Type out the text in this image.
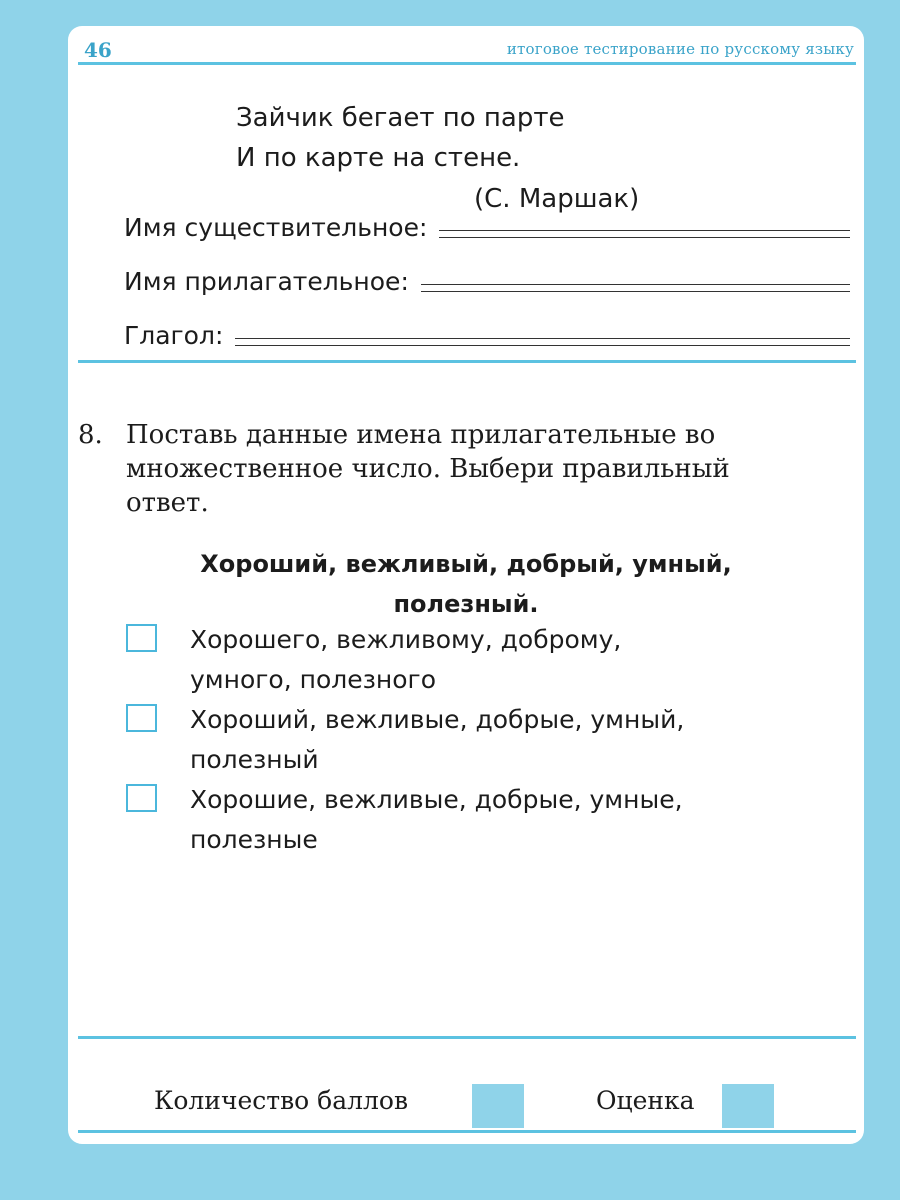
46	итоговое тестирование по русскому языку
Зайчик бегает по парте
И по карте на стене.
(С. Маршак)
Имя существительное:
Имя прилагательное:
Глагол:
8. Поставь данные имена прилагательные во множественное число. Выбери правильный ответ.
Хороший, вежливый, добрый, умный,
полезный.
Хорошего, вежливому, доброму,
умного, полезного
Хороший, вежливые, добрые, умный,
полезный
Хорошие, вежливые, добрые, умные,
полезные
Количество баллов	Оценка
